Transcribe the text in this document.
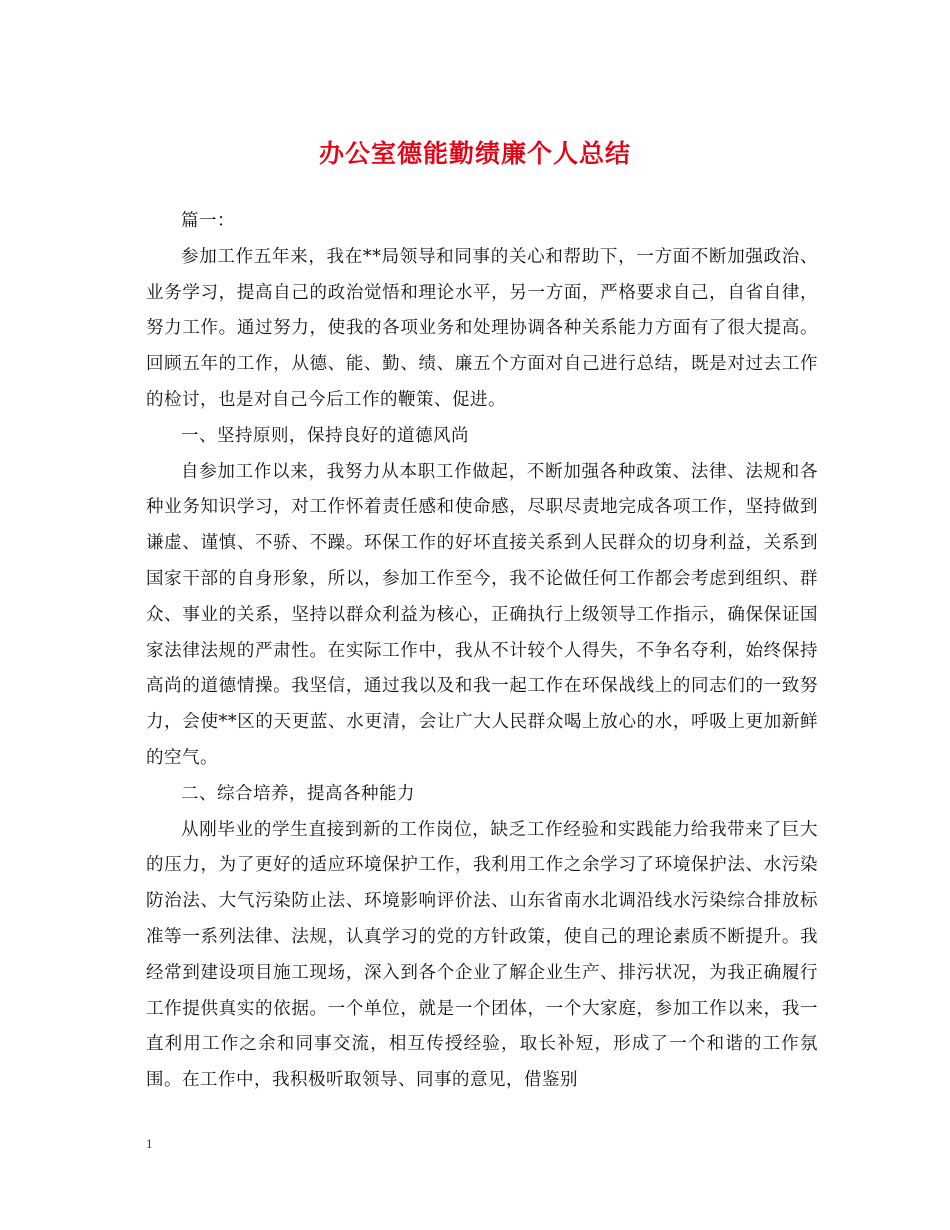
办公室德能勤绩廉个人总结

篇一：

参加工作五年来，我在**局领导和同事的关心和帮助下，一方面不断加强政治、业务学习，提高自己的政治觉悟和理论水平，另一方面，严格要求自己，自省自律，努力工作。通过努力，使我的各项业务和处理协调各种关系能力方面有了很大提高。回顾五年的工作，从德、能、勤、绩、廉五个方面对自己进行总结，既是对过去工作的检讨，也是对自己今后工作的鞭策、促进。

一、坚持原则，保持良好的道德风尚

自参加工作以来，我努力从本职工作做起，不断加强各种政策、法律、法规和各种业务知识学习，对工作怀着责任感和使命感，尽职尽责地完成各项工作，坚持做到谦虚、谨慎、不骄、不躁。环保工作的好坏直接关系到人民群众的切身利益，关系到国家干部的自身形象，所以，参加工作至今，我不论做任何工作都会考虑到组织、群众、事业的关系，坚持以群众利益为核心，正确执行上级领导工作指示，确保保证国家法律法规的严肃性。在实际工作中，我从不计较个人得失，不争名夺利，始终保持高尚的道德情操。我坚信，通过我以及和我一起工作在环保战线上的同志们的一致努力，会使**区的天更蓝、水更清，会让广大人民群众喝上放心的水，呼吸上更加新鲜的空气。

二、综合培养，提高各种能力

从刚毕业的学生直接到新的工作岗位，缺乏工作经验和实践能力给我带来了巨大的压力，为了更好的适应环境保护工作，我利用工作之余学习了环境保护法、水污染防治法、大气污染防止法、环境影响评价法、山东省南水北调沿线水污染综合排放标准等一系列法律、法规，认真学习的党的方针政策，使自己的理论素质不断提升。我经常到建设项目施工现场，深入到各个企业了解企业生产、排污状况，为我正确履行工作提供真实的依据。一个单位，就是一个团体，一个大家庭，参加工作以来，我一直利用工作之余和同事交流，相互传授经验，取长补短，形成了一个和谐的工作氛围。在工作中，我积极听取领导、同事的意见，借鉴别

1
